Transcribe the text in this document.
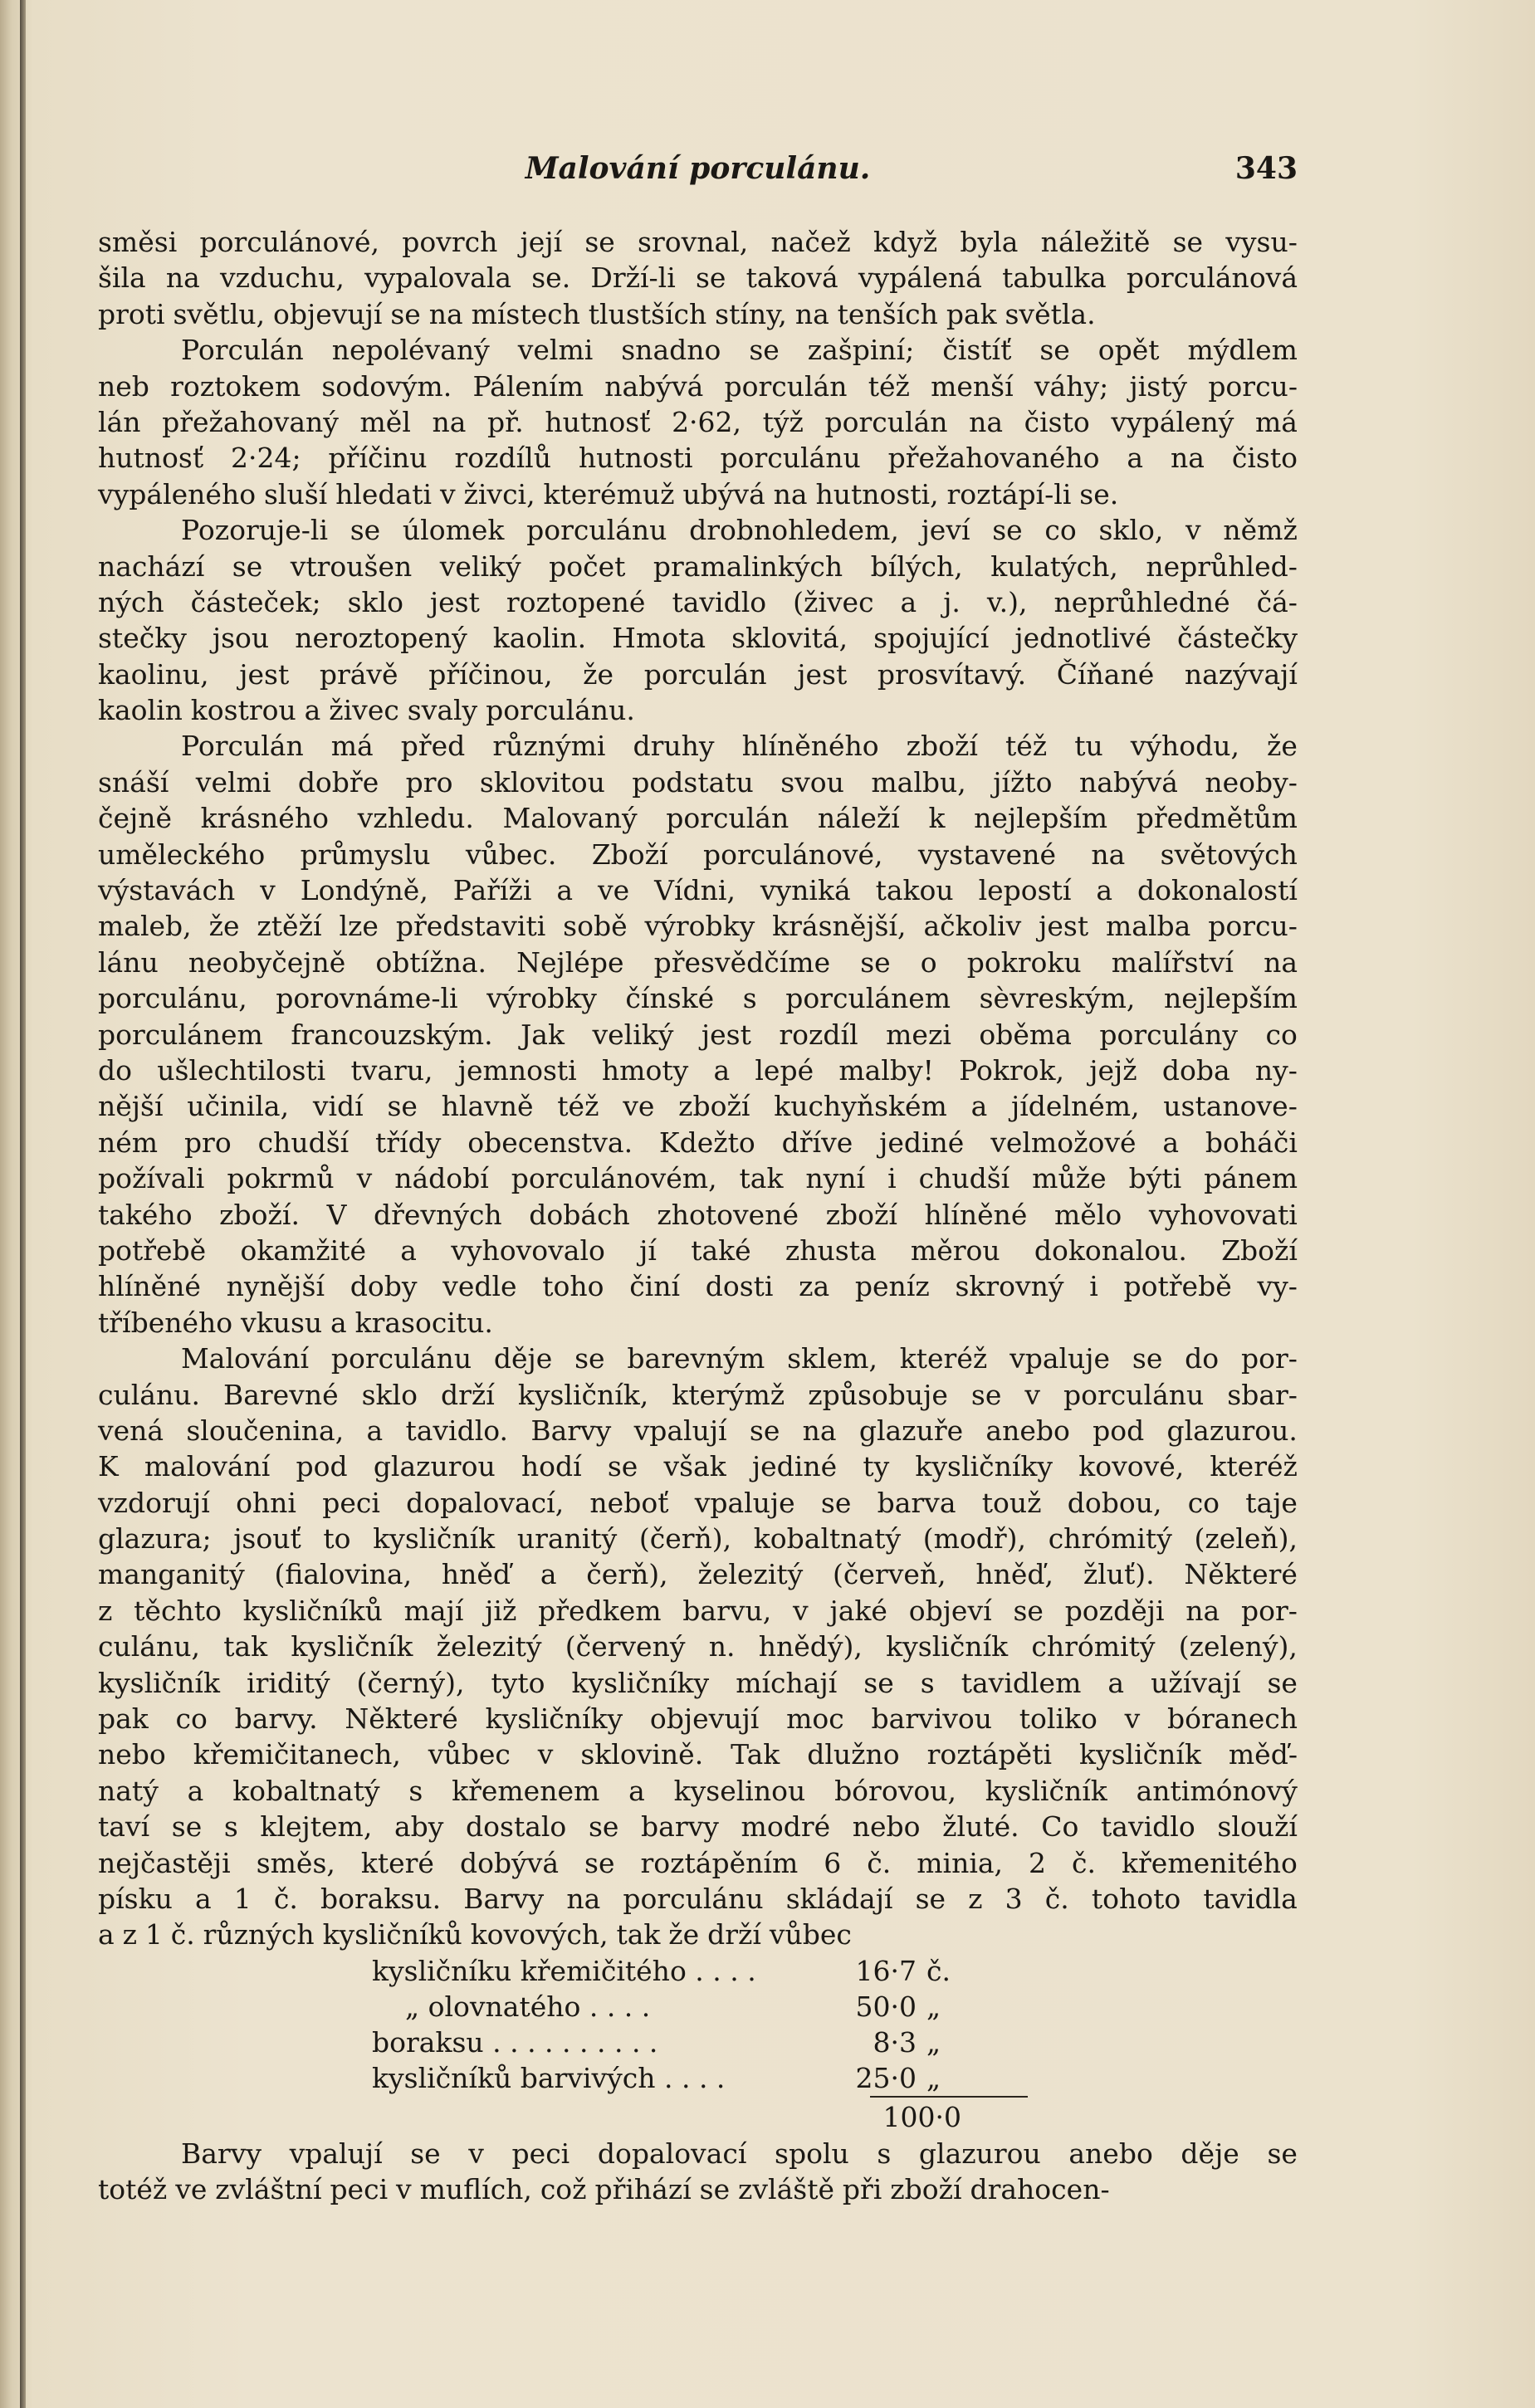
Malování porculánu.	343
směsi porculánové, povrch její se srovnal, načež když byla náležitě se vysu-
šila na vzduchu, vypalovala se. Drží-li se taková vypálená tabulka porculánová
proti světlu, objevují se na místech tlustších stíny, na tenších pak světla.
Porculán nepolévaný velmi snadno se zašpiní; čistíť se opět mýdlem
neb roztokem sodovým. Pálením nabývá porculán též menší váhy; jistý porcu-
lán přežahovaný měl na př. hutnosť 2·62, týž porculán na čisto vypálený má
hutnosť 2·24; příčinu rozdílů hutnosti porculánu přežahovaného a na čisto
vypáleného sluší hledati v živci, kterémuž ubývá na hutnosti, roztápí-li se.
Pozoruje-li se úlomek porculánu drobnohledem, jeví se co sklo, v němž
nachází se vtroušen veliký počet pramalinkých bílých, kulatých, neprůhled-
ných částeček; sklo jest roztopené tavidlo (živec a j. v.), neprůhledné čá-
stečky jsou neroztopený kaolin. Hmota sklovitá, spojující jednotlivé částečky
kaolinu, jest právě příčinou, že porculán jest prosvítavý. Číňané nazývají
kaolin kostrou a živec svaly porculánu.
Porculán má před různými druhy hlíněného zboží též tu výhodu, že
snáší velmi dobře pro sklovitou podstatu svou malbu, jížto nabývá neoby-
čejně krásného vzhledu. Malovaný porculán náleží k nejlepším předmětům
uměleckého průmyslu vůbec. Zboží porculánové, vystavené na světových
výstavách v Londýně, Paříži a ve Vídni, vyniká takou lepostí a dokonalostí
maleb, že ztěží lze představiti sobě výrobky krásnější, ačkoliv jest malba porcu-
lánu neobyčejně obtížna. Nejlépe přesvědčíme se o pokroku malířství na
porculánu, porovnáme-li výrobky čínské s porculánem sèvreským, nejlepším
porculánem francouzským. Jak veliký jest rozdíl mezi oběma porculány co
do ušlechtilosti tvaru, jemnosti hmoty a lepé malby! Pokrok, jejž doba ny-
nější učinila, vidí se hlavně též ve zboží kuchyňském a jídelném, ustanove-
ném pro chudší třídy obecenstva. Kdežto dříve jediné velmožové a boháči
požívali pokrmů v nádobí porculánovém, tak nyní i chudší může býti pánem
takého zboží. V dřevných dobách zhotovené zboží hlíněné mělo vyhovovati
potřebě okamžité a vyhovovalo jí také zhusta měrou dokonalou. Zboží
hlíněné nynější doby vedle toho činí dosti za peníz skrovný i potřebě vy-
tříbeného vkusu a krasocitu.
Malování porculánu děje se barevným sklem, kteréž vpaluje se do por-
culánu. Barevné sklo drží kysličník, kterýmž způsobuje se v porculánu sbar-
vená sloučenina, a tavidlo. Barvy vpalují se na glazuře anebo pod glazurou.
K malování pod glazurou hodí se však jediné ty kysličníky kovové, kteréž
vzdorují ohni peci dopalovací, neboť vpaluje se barva touž dobou, co taje
glazura; jsouť to kysličník uranitý (čerň), kobaltnatý (modř), chrómitý (zeleň),
manganitý (fialovina, hněď a čerň), železitý (červeň, hněď, žluť). Některé
z těchto kysličníků mají již předkem barvu, v jaké objeví se později na por-
culánu, tak kysličník železitý (červený n. hnědý), kysličník chrómitý (zelený),
kysličník iriditý (černý), tyto kysličníky míchají se s tavidlem a užívají se
pak co barvy. Některé kysličníky objevují moc barvivou toliko v bóranech
nebo křemičitanech, vůbec v sklovině. Tak dlužno roztápěti kysličník měď-
natý a kobaltnatý s křemenem a kyselinou bórovou, kysličník antimónový
taví se s klejtem, aby dostalo se barvy modré nebo žluté. Co tavidlo slouží
nejčastěji směs, které dobývá se roztápěním 6 č. minia, 2 č. křemenitého
písku a 1 č. boraksu. Barvy na porculánu skládají se z 3 č. tohoto tavidla
a z 1 č. různých kysličníků kovových, tak že drží vůbec
kysličníku křemičitého . . . .	16·7 č.
„ olovnatého . . . .	50·0 „
boraksu . . . . . . . . . .	8·3 „
kysličníků barvivých . . . .	25·0 „
100·0
Barvy vpalují se v peci dopalovací spolu s glazurou anebo děje se
totéž ve zvláštní peci v muflích, což přihází se zvláště při zboží drahocen-
